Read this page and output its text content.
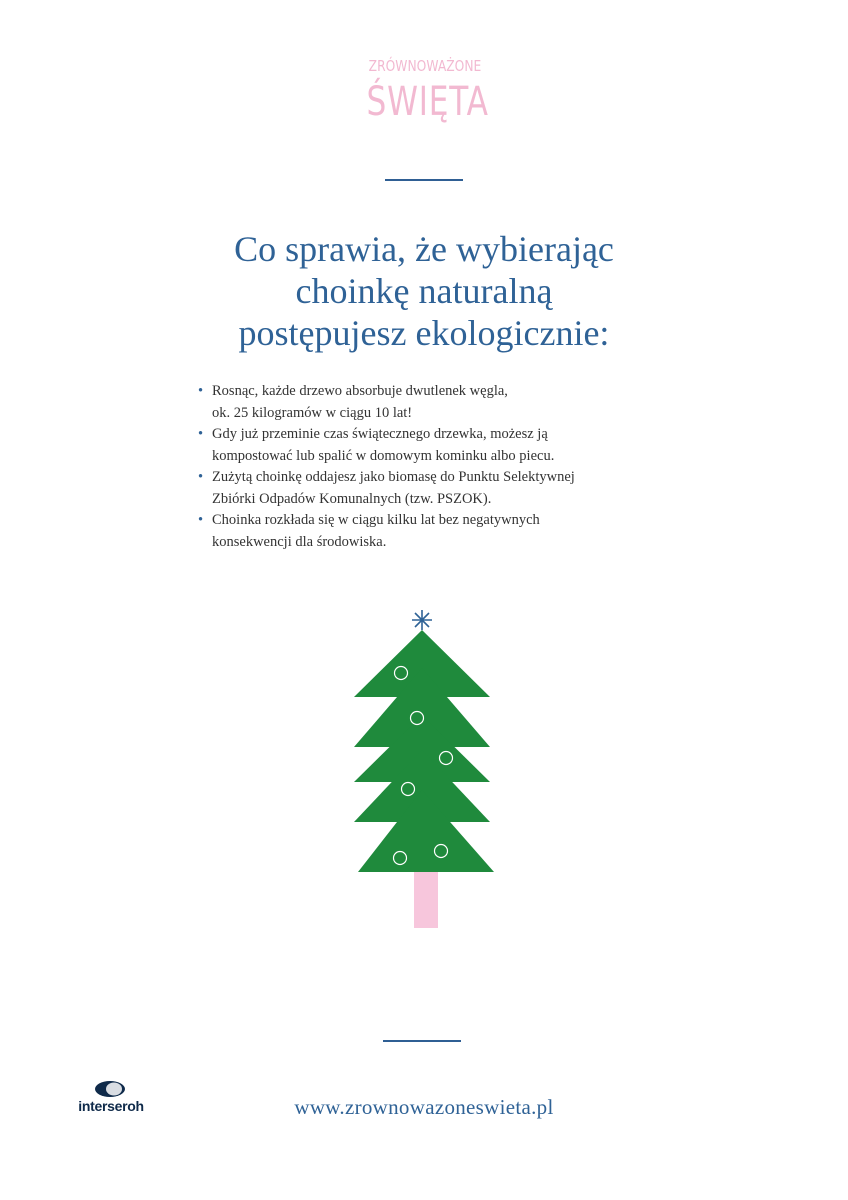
ZRÓWNOWAŻONE
ŚWIĘTA
Co sprawia, że wybierając
choinkę naturalną
postępujesz ekologicznie:
• Rosnąc, każde drzewo absorbuje dwutlenek węgla,
ok. 25 kilogramów w ciągu 10 lat!
• Gdy już przeminie czas świątecznego drzewka, możesz ją
kompostować lub spalić w domowym kominku albo piecu.
• Zużytą choinkę oddajesz jako biomasę do Punktu Selektywnej
Zbiórki Odpadów Komunalnych (tzw. PSZOK).
• Choinka rozkłada się w ciągu kilku lat bez negatywnych
konsekwencji dla środowiska.
interseroh	www.zrownowazoneswieta.pl
